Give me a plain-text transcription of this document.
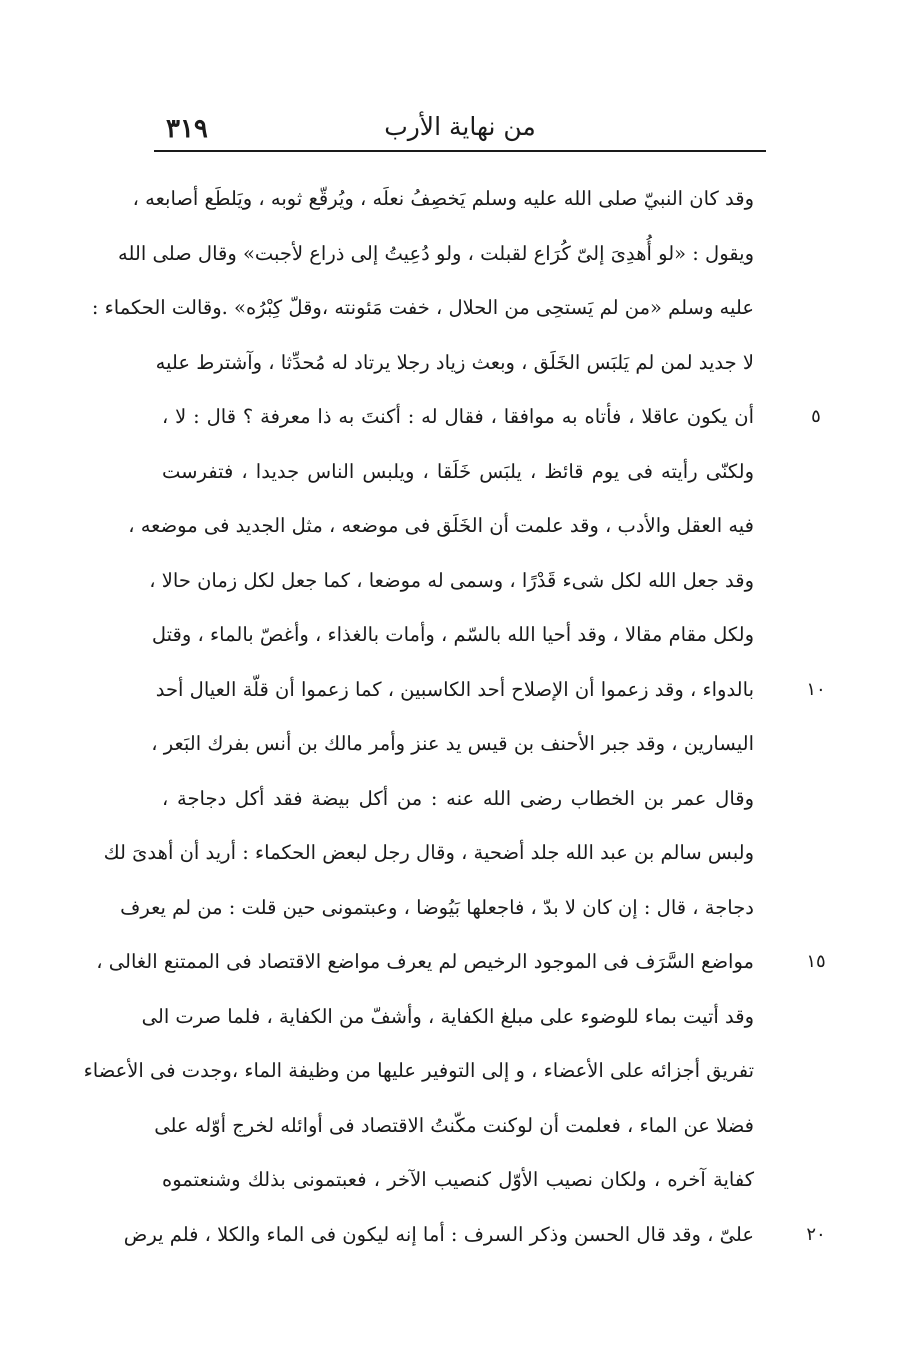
٣١٩	من نهاية الأرب
وقد كان النبيّ صلى الله عليه وسلم يَخصِفُ نعلَه ، ويُرقّع ثوبه ، ويَلطَع أصابعه ،
ويقول : «لو أُهدِىَ إلىّ كُرَاع لقبلت ، ولو دُعِيتُ إلى ذراع لأجبت» وقال صلى الله
عليه وسلم «من لم يَستحِى من الحلال ، خفت مَئونته ،وقلّ كِبْرُه» .وقالت الحكماء :
لا جديد لمن لم يَلبَس الخَلَق ، وبعث زياد رجلا يرتاد له مُحدِّثا ، وآشترط عليه
أن يكون عاقلا ، فأتاه به موافقا ، فقال له : أكنتَ به ذا معرفة ؟ قال : لا ،
ولكنّى رأيته فى يوم قائظ ، يلبَس خَلَقا ، ويلبس الناس جديدا ، فتفرست
فيه العقل والأدب ، وقد علمت أن الخَلَق فى موضعه ، مثل الجديد فى موضعه ،
وقد جعل الله لكل شىء قَدْرًا ، وسمى له موضعا ، كما جعل لكل زمان حالا ،
ولكل مقام مقالا ، وقد أحيا الله بالسّم ، وأمات بالغذاء ، وأغصّ بالماء ، وقتل
بالدواء ، وقد زعموا أن الإصلاح أحد الكاسبين ، كما زعموا أن قلّة العيال أحد
اليسارين ، وقد جبر الأحنف بن قيس يد عنز وأمر مالك بن أنس بفرك البَعر ،
وقال عمر بن الخطاب رضى الله عنه : من أكل بيضة فقد أكل دجاجة ،
ولبس سالم بن عبد الله جلد أضحية ، وقال رجل لبعض الحكماء : أريد أن أهدىَ لك
دجاجة ، قال : إن كان لا بدّ ، فاجعلها بَيُوضا ، وعبتمونى حين قلت : من لم يعرف
مواضع السَّرَف فى الموجود الرخيص لم يعرف مواضع الاقتصاد فى الممتنع الغالى ،
وقد أتيت بماء للوضوء على مبلغ الكفاية ، وأشفّ من الكفاية ، فلما صرت الى
تفريق أجزائه على الأعضاء ، و إلى التوفير عليها من وظيفة الماء ،وجدت فى الأعضاء
فضلا عن الماء ، فعلمت أن لوكنت مكّنتُ الاقتصاد فى أوائله لخرج أوّله على
كفاية آخره ، ولكان نصيب الأوّل كنصيب الآخر ، فعبتمونى بذلك وشنعتموه
علىّ ، وقد قال الحسن وذكر السرف : أما إنه ليكون فى الماء والكلا ، فلم يرض
٥
١٠
١٥
٢٠
